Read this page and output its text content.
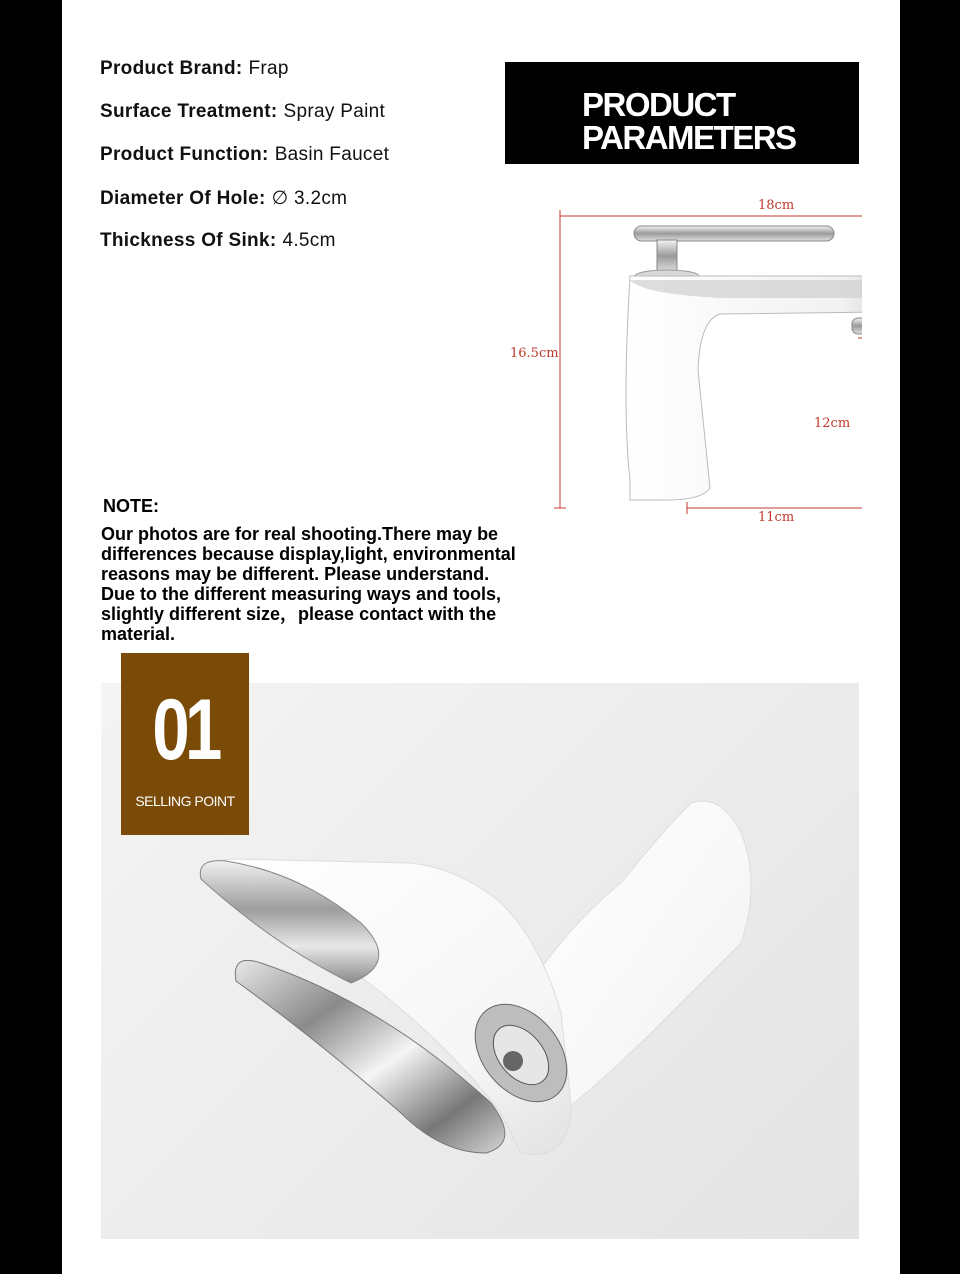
Product Brand: Frap
Surface Treatment: Spray Paint
Product Function: Basin Faucet
Diameter Of Hole: ∅ 3.2cm
Thickness Of Sink: 4.5cm
PRODUCT
PARAMETERS
18cm
16.5cm
12cm
11cm
NOTE:
Our photos are for real shooting.There may be
differences because display,light, environmental
reasons may be different. Please understand.
Due to the different measuring ways and tools,
slightly different size，please contact with the
material.
01
SELLING POINT
